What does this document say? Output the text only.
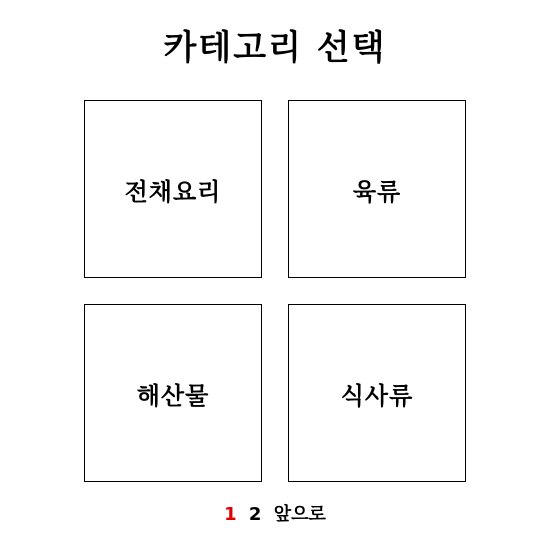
카테고리 선택
전채요리	육류
해산물	식사류
1 2 앞으로
